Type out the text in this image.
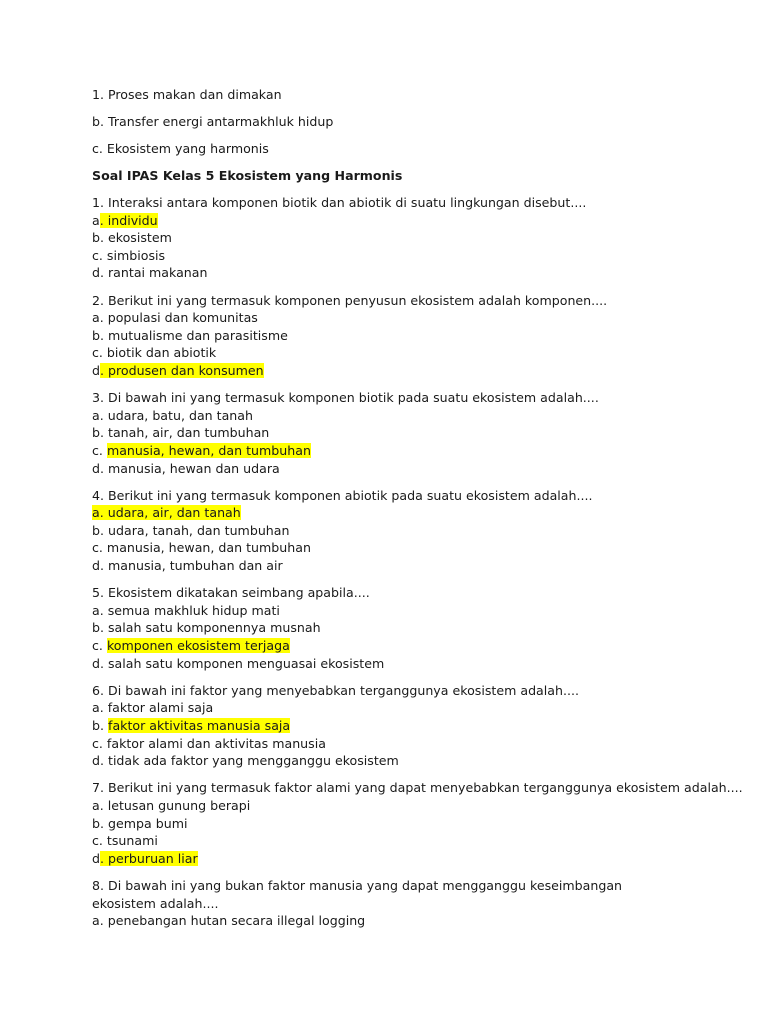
1. Proses makan dan dimakan
b. Transfer energi antarmakhluk hidup
c. Ekosistem yang harmonis
Soal IPAS Kelas 5 Ekosistem yang Harmonis
1. Interaksi antara komponen biotik dan abiotik di suatu lingkungan disebut....
a. individu
b. ekosistem
c. simbiosis
d. rantai makanan
2. Berikut ini yang termasuk komponen penyusun ekosistem adalah komponen....
a. populasi dan komunitas
b. mutualisme dan parasitisme
c. biotik dan abiotik
d. produsen dan konsumen
3. Di bawah ini yang termasuk komponen biotik pada suatu ekosistem adalah....
a. udara, batu, dan tanah
b. tanah, air, dan tumbuhan
c. manusia, hewan, dan tumbuhan
d. manusia, hewan dan udara
4. Berikut ini yang termasuk komponen abiotik pada suatu ekosistem adalah....
a. udara, air, dan tanah
b. udara, tanah, dan tumbuhan
c. manusia, hewan, dan tumbuhan
d. manusia, tumbuhan dan air
5. Ekosistem dikatakan seimbang apabila....
a. semua makhluk hidup mati
b. salah satu komponennya musnah
c. komponen ekosistem terjaga
d. salah satu komponen menguasai ekosistem
6. Di bawah ini faktor yang menyebabkan terganggunya ekosistem adalah....
a. faktor alami saja
b. faktor aktivitas manusia saja
c. faktor alami dan aktivitas manusia
d. tidak ada faktor yang mengganggu ekosistem
7. Berikut ini yang termasuk faktor alami yang dapat menyebabkan terganggunya ekosistem adalah....
a. letusan gunung berapi
b. gempa bumi
c. tsunami
d. perburuan liar
8. Di bawah ini yang bukan faktor manusia yang dapat mengganggu keseimbangan ekosistem adalah....
a. penebangan hutan secara illegal logging
